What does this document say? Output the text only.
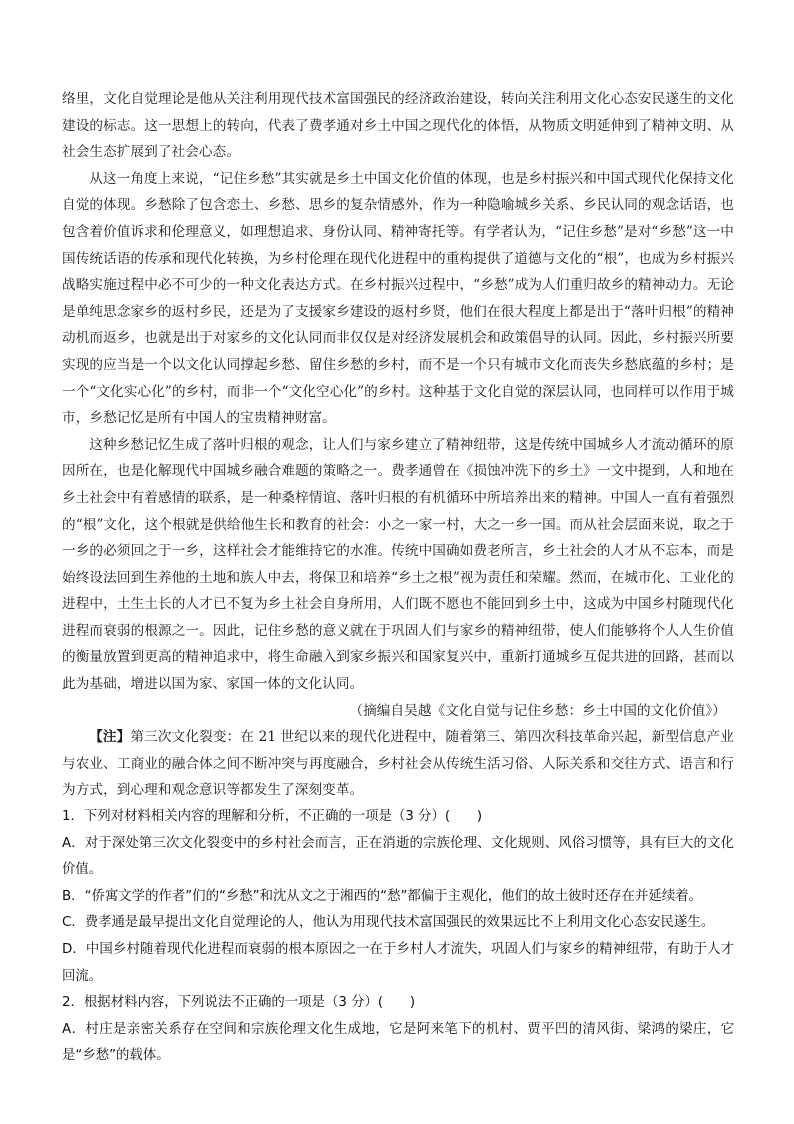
络里，文化自觉理论是他从关注利用现代技术富国强民的经济政治建设，转向关注利用文化心态安民遂生的文化建设的标志。这一思想上的转向，代表了费孝通对乡土中国之现代化的体悟，从物质文明延伸到了精神文明、从社会生态扩展到了社会心态。

从这一角度上来说，“记住乡愁”其实就是乡土中国文化价值的体现，也是乡村振兴和中国式现代化保持文化自觉的体现。乡愁除了包含恋土、乡愁、思乡的复杂情感外，作为一种隐喻城乡关系、乡民认同的观念话语，也包含着价值诉求和伦理意义，如理想追求、身份认同、精神寄托等。有学者认为，“记住乡愁”是对“乡愁”这一中国传统话语的传承和现代化转换，为乡村伦理在现代化进程中的重构提供了道德与文化的“根”，也成为乡村振兴战略实施过程中必不可少的一种文化表达方式。在乡村振兴过程中，“乡愁”成为人们重归故乡的精神动力。无论是单纯思念家乡的返村乡民，还是为了支援家乡建设的返村乡贤，他们在很大程度上都是出于“落叶归根”的精神动机而返乡，也就是出于对家乡的文化认同而非仅仅是对经济发展机会和政策倡导的认同。因此，乡村振兴所要实现的应当是一个以文化认同撑起乡愁、留住乡愁的乡村，而不是一个只有城市文化而丧失乡愁底蕴的乡村；是一个“文化实心化”的乡村，而非一个“文化空心化”的乡村。这种基于文化自觉的深层认同，也同样可以作用于城市，乡愁记忆是所有中国人的宝贵精神财富。

这种乡愁记忆生成了落叶归根的观念，让人们与家乡建立了精神纽带，这是传统中国城乡人才流动循环的原因所在，也是化解现代中国城乡融合难题的策略之一。费孝通曾在《损蚀冲洗下的乡土》一文中提到，人和地在乡土社会中有着感情的联系，是一种桑梓情谊、落叶归根的有机循环中所培养出来的精神。中国人一直有着强烈的“根”文化，这个根就是供给他生长和教育的社会：小之一家一村，大之一乡一国。而从社会层面来说，取之于一乡的必须回之于一乡，这样社会才能维持它的水准。传统中国确如费老所言，乡土社会的人才从不忘本，而是始终设法回到生养他的土地和族人中去，将保卫和培养“乡土之根”视为责任和荣耀。然而，在城市化、工业化的进程中，土生土长的人才已不复为乡土社会自身所用，人们既不愿也不能回到乡土中，这成为中国乡村随现代化进程而衰弱的根源之一。因此，记住乡愁的意义就在于巩固人们与家乡的精神纽带，使人们能够将个人人生价值的衡量放置到更高的精神追求中，将生命融入到家乡振兴和国家复兴中，重新打通城乡互促共进的回路，甚而以此为基础，增进以国为家、家国一体的文化认同。

（摘编自吴越《文化自觉与记住乡愁：乡土中国的文化价值》）

【注】第三次文化裂变：在 21 世纪以来的现代化进程中，随着第三、第四次科技革命兴起，新型信息产业与农业、工商业的融合体之间不断冲突与再度融合，乡村社会从传统生活习俗、人际关系和交往方式、语言和行为方式，到心理和观念意识等都发生了深刻变革。

1．下列对材料相关内容的理解和分析，不正确的一项是（3 分）(　　)

A．对于深处第三次文化裂变中的乡村社会而言，正在消逝的宗族伦理、文化规则、风俗习惯等，具有巨大的文化价值。

B．“侨寓文学的作者”们的“乡愁”和沈从文之于湘西的“愁”都偏于主观化，他们的故土彼时还存在并延续着。

C．费孝通是最早提出文化自觉理论的人，他认为用现代技术富国强民的效果远比不上利用文化心态安民遂生。

D．中国乡村随着现代化进程而衰弱的根本原因之一在于乡村人才流失，巩固人们与家乡的精神纽带，有助于人才回流。

2．根据材料内容，下列说法不正确的一项是（3 分）(　　)

A．村庄是亲密关系存在空间和宗族伦理文化生成地，它是阿来笔下的机村、贾平凹的清风街、梁鸿的梁庄，它是“乡愁”的载体。
